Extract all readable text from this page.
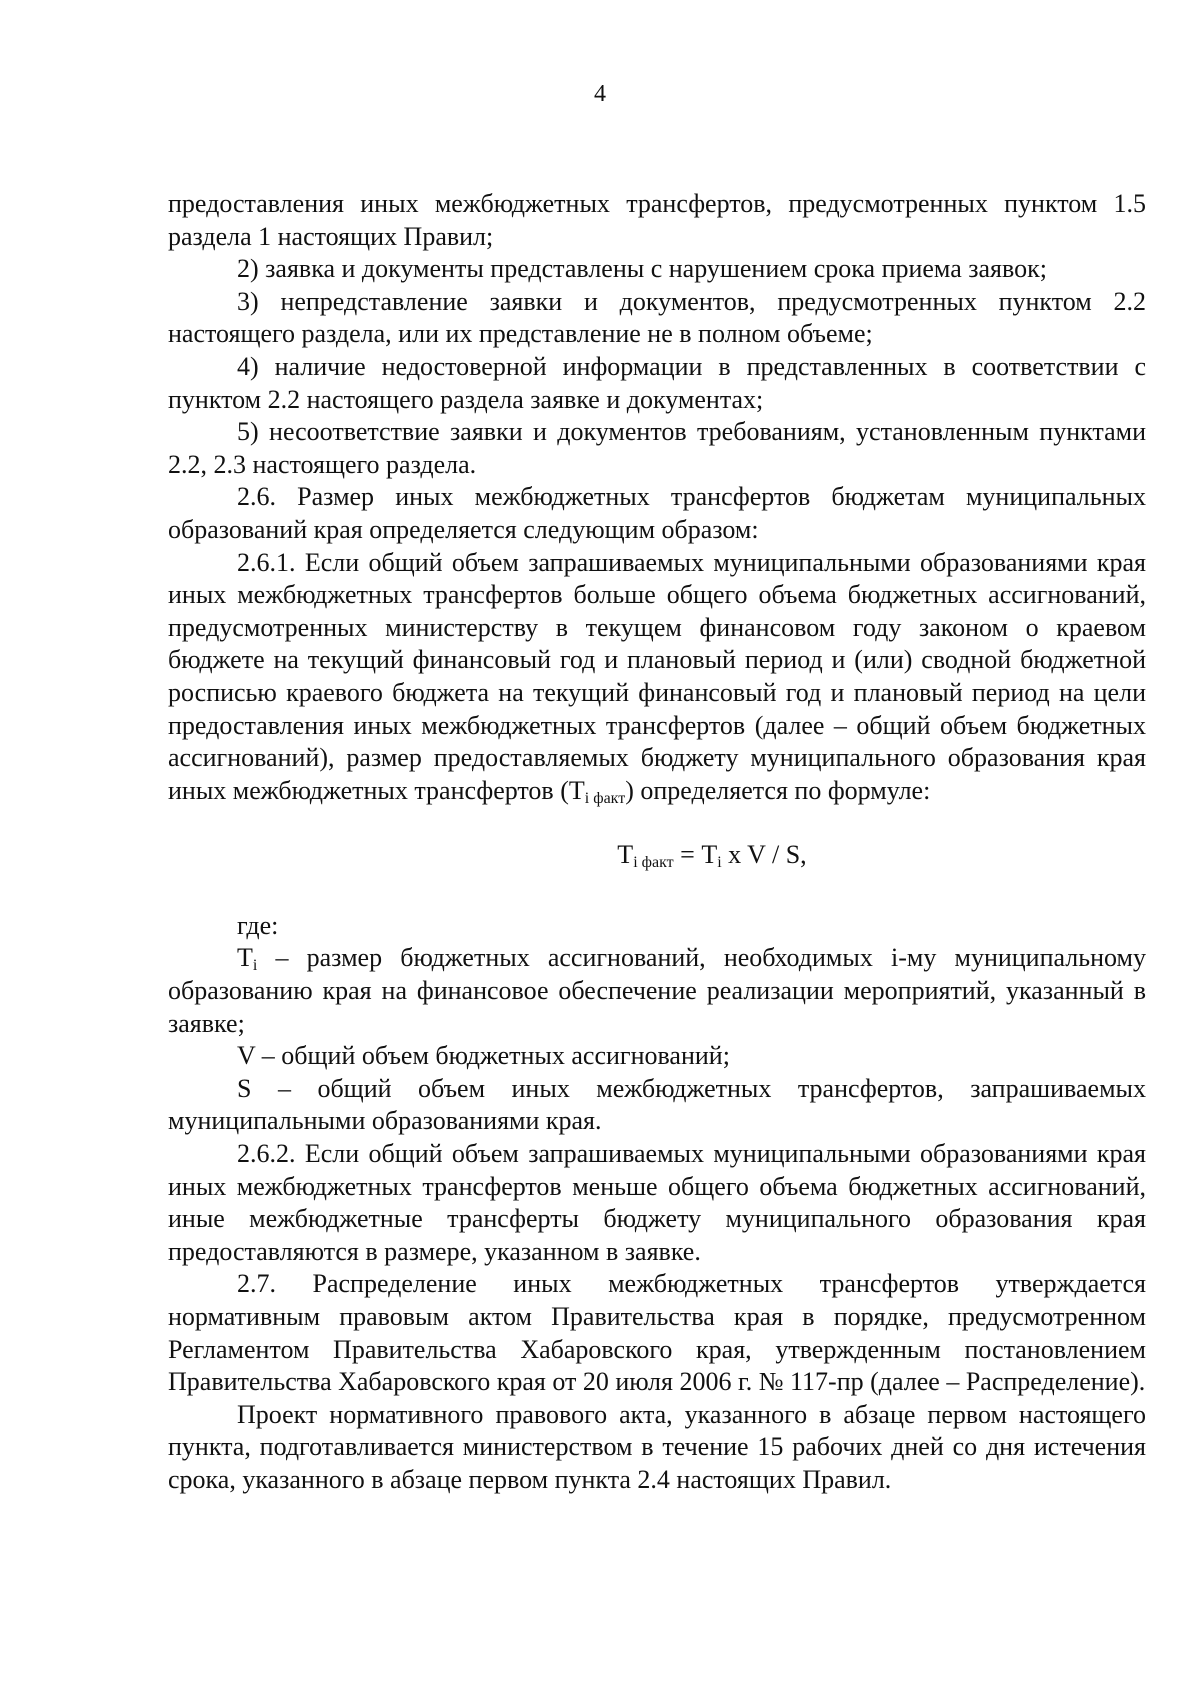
4

предоставления иных межбюджетных трансфертов, предусмотренных пунктом 1.5 раздела 1 настоящих Правил;

2) заявка и документы представлены с нарушением срока приема заявок;

3) непредставление заявки и документов, предусмотренных пунктом 2.2 настоящего раздела, или их представление не в полном объеме;

4) наличие недостоверной информации в представленных в соответствии с пунктом 2.2 настоящего раздела заявке и документах;

5) несоответствие заявки и документов требованиям, установленным пунктами 2.2, 2.3 настоящего раздела.

2.6. Размер иных межбюджетных трансфертов бюджетам муниципальных образований края определяется следующим образом:

2.6.1. Если общий объем запрашиваемых муниципальными образованиями края иных межбюджетных трансфертов больше общего объема бюджетных ассигнований, предусмотренных министерству в текущем финансовом году законом о краевом бюджете на текущий финансовый год и плановый период и (или) сводной бюджетной росписью краевого бюджета на текущий финансовый год и плановый период на цели предоставления иных межбюджетных трансфертов (далее – общий объем бюджетных ассигнований), размер предоставляемых бюджету муниципального образования края иных межбюджетных трансфертов $(T_{i факт})$ определяется по формуле:

$T_{i факт} = T_i$ x V / S,

где:

$T_i$ – размер бюджетных ассигнований, необходимых i-му муниципальному образованию края на финансовое обеспечение реализации мероприятий, указанный в заявке;

V – общий объем бюджетных ассигнований;

S – общий объем иных межбюджетных трансфертов, запрашиваемых муниципальными образованиями края.

2.6.2. Если общий объем запрашиваемых муниципальными образованиями края иных межбюджетных трансфертов меньше общего объема бюджетных ассигнований, иные межбюджетные трансферты бюджету муниципального образования края предоставляются в размере, указанном в заявке.

2.7. Распределение иных межбюджетных трансфертов утверждается нормативным правовым актом Правительства края в порядке, предусмотренном Регламентом Правительства Хабаровского края, утвержденным постановлением Правительства Хабаровского края от 20 июля 2006 г. № 117-пр (далее – Распределение).

Проект нормативного правового акта, указанного в абзаце первом настоящего пункта, подготавливается министерством в течение 15 рабочих дней со дня истечения срока, указанного в абзаце первом пункта 2.4 настоящих Правил.
